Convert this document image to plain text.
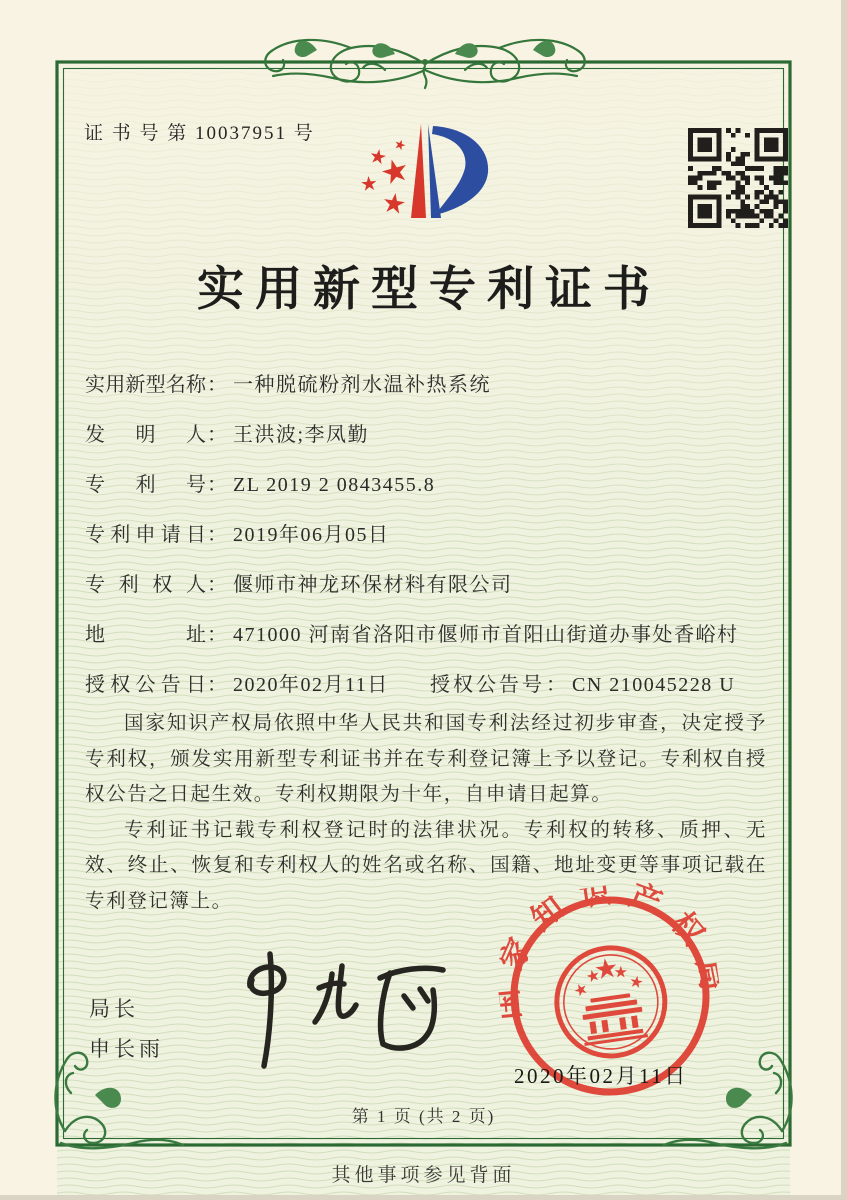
证 书 号 第 10037951 号
实用新型专利证书
实用新型名称： 一种脱硫粉剂水温补热系统
发明人： 王洪波;李凤勤
专利号： ZL 2019 2 0843455.8
专利申请日： 2019年06月05日
专利权人： 偃师市神龙环保材料有限公司
地址： 471000 河南省洛阳市偃师市首阳山街道办事处香峪村
授权公告日： 2020年02月11日 授权公告号： CN 210045228 U

国家知识产权局依照中华人民共和国专利法经过初步审查，决定授予专利权，颁发实用新型专利证书并在专利登记簿上予以登记。专利权自授权公告之日起生效。专利权期限为十年，自申请日起算。

专利证书记载专利权登记时的法律状况。专利权的转移、质押、无效、终止、恢复和专利权人的姓名或名称、国籍、地址变更等事项记载在专利登记簿上。

局长
申长雨
国家知识产权局
2020年02月11日
第 1 页 (共 2 页)
其他事项参见背面
